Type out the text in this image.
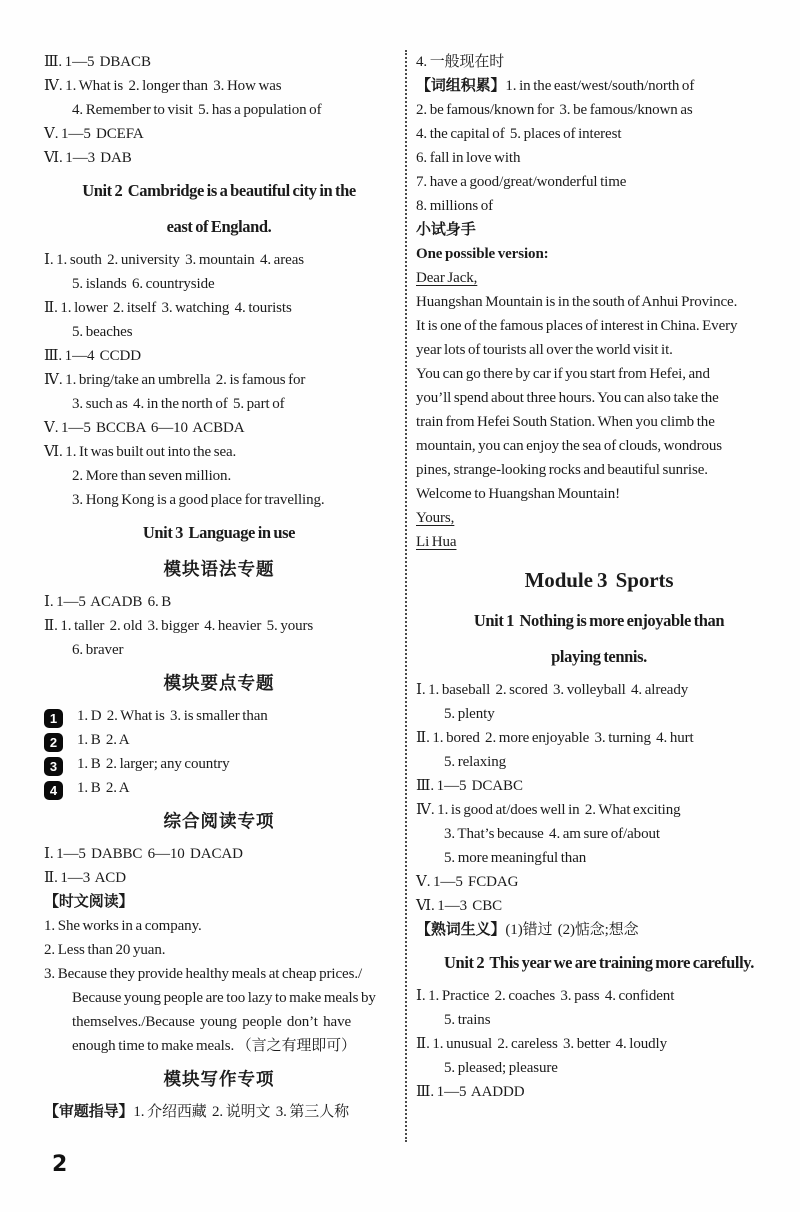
Ⅲ. 1—5  DBACB
Ⅳ. 1. What is  2. longer than  3. How was
4. Remember to visit  5. has a population of
Ⅴ. 1—5  DCEFA
Ⅵ. 1—3  DAB
Unit 2  Cambridge is a beautiful city in the
east of England.
Ⅰ. 1. south  2. university  3. mountain  4. areas
5. islands  6. countryside
Ⅱ. 1. lower  2. itself  3. watching  4. tourists
5. beaches
Ⅲ. 1—4  CCDD
Ⅳ. 1. bring/take an umbrella  2. is famous for
3. such as  4. in the north of  5. part of
Ⅴ. 1—5  BCCBA  6—10  ACBDA
Ⅵ. 1. It was built out into the sea.
2. More than seven million.
3. Hong Kong is a good place for travelling.
Unit 3  Language in use
模块语法专题
Ⅰ. 1—5  ACADB  6. B
Ⅱ. 1. taller  2. old  3. bigger  4. heavier  5. yours
6. braver
模块要点专题
1 1. D  2. What is  3. is smaller than
2 1. B  2. A
3 1. B  2. larger; any country
4 1. B  2. A
综合阅读专项
Ⅰ. 1—5  DABBC  6—10  DACAD
Ⅱ. 1—3  ACD
【时文阅读】
1. She works in a company.
2. Less than 20 yuan.
3. Because they provide healthy meals at cheap prices./
Because young people are too lazy to make meals by
themselves./Because  young  people  don’t  have
enough time to make meals. （言之有理即可）
模块写作专项
【审题指导】1. 介绍西藏  2. 说明文  3. 第三人称
4. 一般现在时
【词组积累】1. in the east/west/south/north of
2. be famous/known for  3. be famous/known as
4. the capital of  5. places of interest
6. fall in love with
7. have a good/great/wonderful time
8. millions of
小试身手
One possible version:
Dear Jack,
Huangshan Mountain is in the south of Anhui Province.
It is one of the famous places of interest in China. Every
year lots of tourists all over the world visit it.
You can go there by car if you start from Hefei, and
you’ll spend about three hours. You can also take the
train from Hefei South Station. When you climb the
mountain, you can enjoy the sea of clouds, wondrous
pines, strange-looking rocks and beautiful sunrise.
Welcome to Huangshan Mountain!
Yours,
Li Hua
Module 3  Sports
Unit 1  Nothing is more enjoyable than
playing tennis.
Ⅰ. 1. baseball  2. scored  3. volleyball  4. already
5. plenty
Ⅱ. 1. bored  2. more enjoyable  3. turning  4. hurt
5. relaxing
Ⅲ. 1—5  DCABC
Ⅳ. 1. is good at/does well in  2. What exciting
3. That’s because  4. am sure of/about
5. more meaningful than
Ⅴ. 1—5  FCDAG
Ⅵ. 1—3  CBC
【熟词生义】(1)错过  (2)惦念;想念
Unit 2  This year we are training more carefully.
Ⅰ. 1. Practice  2. coaches  3. pass  4. confident
5. trains
Ⅱ. 1. unusual  2. careless  3. better  4. loudly
5. pleased; pleasure
Ⅲ. 1—5  AADDD
2
